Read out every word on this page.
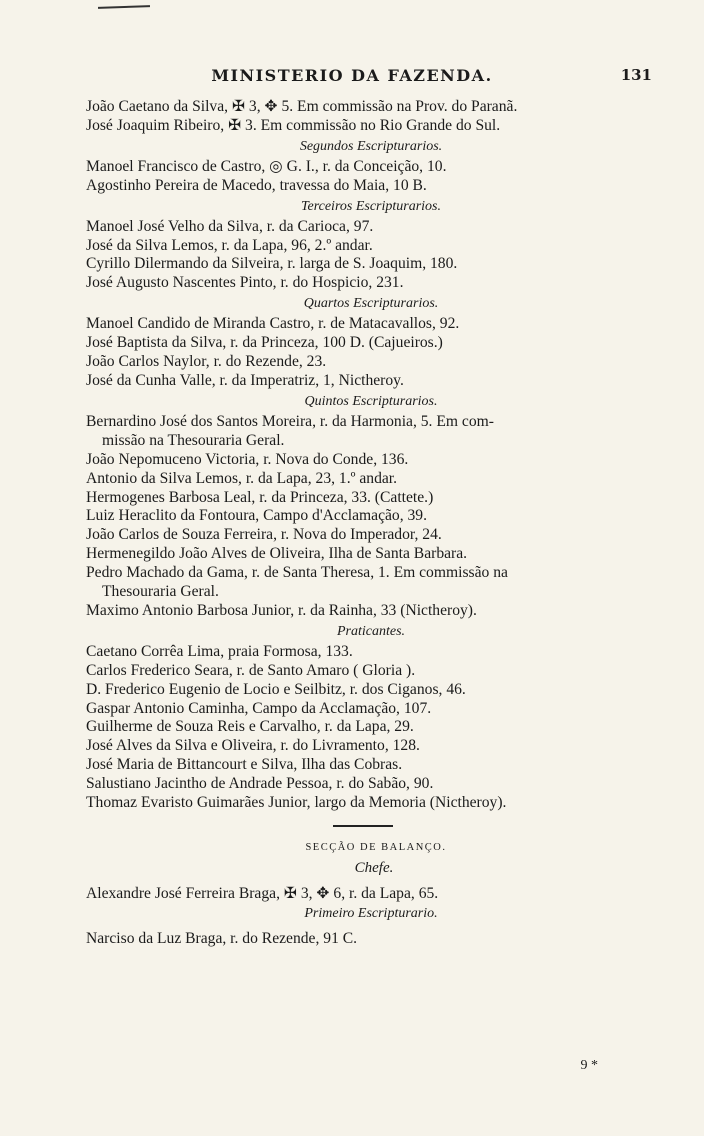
MINISTERIO DA FAZENDA.	131
João Caetano da Silva, ✠ 3, ✥ 5. Em commissão na Prov. do Paranã.
José Joaquim Ribeiro, ✠ 3. Em commissão no Rio Grande do Sul.
Segundos Escripturarios.
Manoel Francisco de Castro, ◎ G. I., r. da Conceição, 10.
Agostinho Pereira de Macedo, travessa do Maia, 10 B.
Terceiros Escripturarios.
Manoel José Velho da Silva, r. da Carioca, 97.
José da Silva Lemos, r. da Lapa, 96, 2.º andar.
Cyrillo Dilermando da Silveira, r. larga de S. Joaquim, 180.
José Augusto Nascentes Pinto, r. do Hospicio, 231.
Quartos Escripturarios.
Manoel Candido de Miranda Castro, r. de Matacavallos, 92.
José Baptista da Silva, r. da Princeza, 100 D. (Cajueiros.)
João Carlos Naylor, r. do Rezende, 23.
José da Cunha Valle, r. da Imperatriz, 1, Nictheroy.
Quintos Escripturarios.
Bernardino José dos Santos Moreira, r. da Harmonia, 5. Em com-
missão na Thesouraria Geral.
João Nepomuceno Victoria, r. Nova do Conde, 136.
Antonio da Silva Lemos, r. da Lapa, 23, 1.º andar.
Hermogenes Barbosa Leal, r. da Princeza, 33. (Cattete.)
Luiz Heraclito da Fontoura, Campo d'Acclamação, 39.
João Carlos de Souza Ferreira, r. Nova do Imperador, 24.
Hermenegildo João Alves de Oliveira, Ilha de Santa Barbara.
Pedro Machado da Gama, r. de Santa Theresa, 1. Em commissão na
Thesouraria Geral.
Maximo Antonio Barbosa Junior, r. da Rainha, 33 (Nictheroy).
Praticantes.
Caetano Corrêa Lima, praia Formosa, 133.
Carlos Frederico Seara, r. de Santo Amaro ( Gloria ).
D. Frederico Eugenio de Locio e Seilbitz, r. dos Ciganos, 46.
Gaspar Antonio Caminha, Campo da Acclamação, 107.
Guilherme de Souza Reis e Carvalho, r. da Lapa, 29.
José Alves da Silva e Oliveira, r. do Livramento, 128.
José Maria de Bittancourt e Silva, Ilha das Cobras.
Salustiano Jacintho de Andrade Pessoa, r. do Sabão, 90.
Thomaz Evaristo Guimarães Junior, largo da Memoria (Nictheroy).
SECÇÃO DE BALANÇO.
Chefe.
Alexandre José Ferreira Braga, ✠ 3, ✥ 6, r. da Lapa, 65.
Primeiro Escripturario.
Narciso da Luz Braga, r. do Rezende, 91 C.
9 *
